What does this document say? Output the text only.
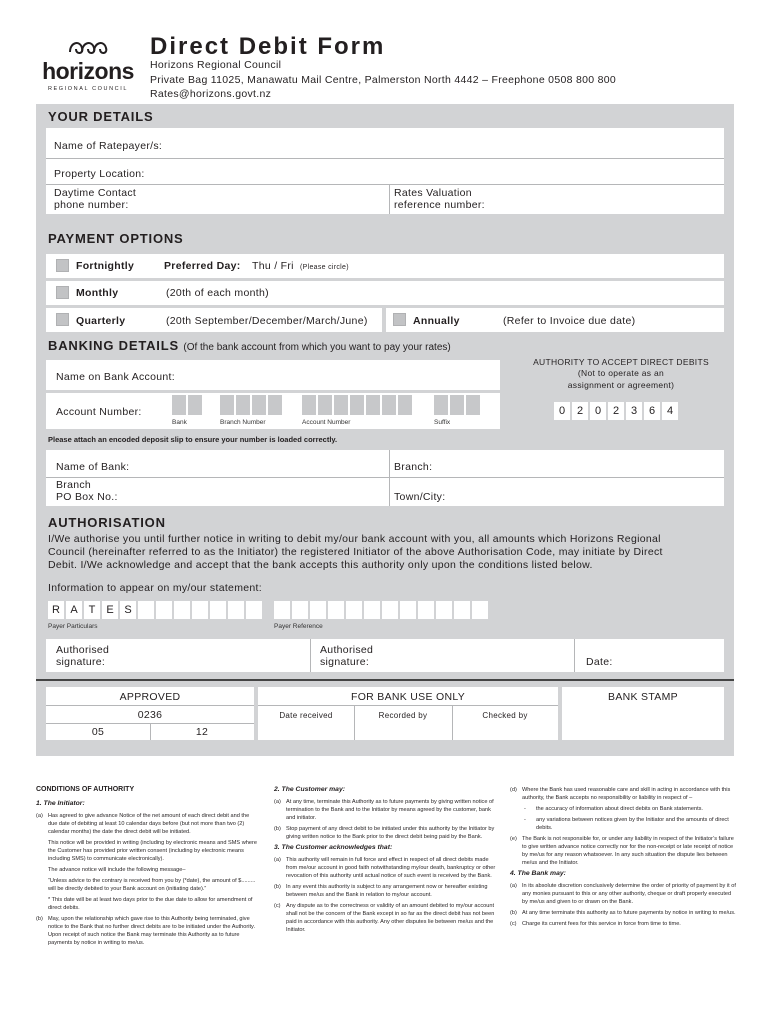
horizons
REGIONAL COUNCIL
Direct Debit Form
Horizons Regional Council
Private Bag 11025, Manawatu Mail Centre, Palmerston North 4442 – Freephone 0508 800 800
Rates@horizons.govt.nz
YOUR DETAILS
Name of Ratepayer/s:
Property Location:
Daytime Contact
phone number:
Rates Valuation
reference number:
PAYMENT OPTIONS
Fortnightly	Preferred Day: Thu / Fri (Please circle)
Monthly	(20th of each month)
Quarterly	(20th September/December/March/June)	Annually	(Refer to Invoice due date)
BANKING DETAILS (Of the bank account from which you want to pay your rates)
Name on Bank Account:
Account Number:
Bank	Branch Number	Account Number	Suffix
AUTHORITY TO ACCEPT DIRECT DEBITS
(Not to operate as an
assignment or agreement)
0	2	0	2	3	6	4
Please attach an encoded deposit slip to ensure your number is loaded correctly.
Name of Bank:	Branch:
Branch
PO Box No.:	Town/City:
AUTHORISATION
I/We authorise you until further notice in writing to debit my/our bank account with you, all amounts which Horizons Regional
Council (hereinafter referred to as the Initiator) the registered Initiator of the above Authorisation Code, may initiate by Direct
Debit. I/We acknowledge and accept that the bank accepts this authority only upon the conditions listed below.
Information to appear on my/our statement:
R A T E S
Payer Particulars	Payer Reference
Authorised
signature:
Authorised
signature:	Date:
APPROVED
0236
05	12
FOR BANK USE ONLY
Date received	Recorded by	Checked by
BANK STAMP
CONDITIONS OF AUTHORITY
1. The Initiator:
(a) Has agreed to give advance Notice of the net amount of each direct debit and the due date of debiting at least 10 calendar days before (but not more than two (2) calendar months) the date the direct debit will be initiated.
This notice will be provided in writing (including by electronic means and SMS where the Customer has provided prior written consent (including by electronic means including SMS) to communicate electronically).
The advance notice will include the following message–
“Unless advice to the contrary is received from you by (*date), the amount of $......... will be directly debited to your Bank account on (initiating date).”
* This date will be at least two days prior to the due date to allow for amendment of direct debits.
(b) May, upon the relationship which gave rise to this Authority being terminated, give notice to the Bank that no further direct debits are to be initiated under the Authority. Upon receipt of such notice the Bank may terminate this Authority as to future payments by notice in writing to me/us.
2. The Customer may:
(a) At any time, terminate this Authority as to future payments by giving written notice of termination to the Bank and to the Initiator by means agreed by the customer, bank and initiator.
(b) Stop payment of any direct debit to be initiated under this authority by the Initiator by giving written notice to the Bank prior to the direct debit being paid by the Bank.
3. The Customer acknowledges that:
(a) This authority will remain in full force and effect in respect of all direct debits made from me/our account in good faith notwithstanding my/our death, bankruptcy or other revocation of this authority until actual notice of such event is received by the Bank.
(b) In any event this authority is subject to any arrangement now or hereafter existing between me/us and the Bank in relation to my/our account.
(c) Any dispute as to the correctness or validity of an amount debited to my/our account shall not be the concern of the Bank except in so far as the direct debit has not been paid in accordance with this authority. Any other disputes lie between me/us and the Initiator.
(d) Where the Bank has used reasonable care and skill in acting in accordance with this authority, the Bank accepts no responsibility or liability in respect of –
-	the accuracy of information about direct debits on Bank statements.
-	any variations between notices given by the Initiator and the amounts of direct debits.
(e) The Bank is not responsible for, or under any liability in respect of the Initiator’s failure to give written advance notice correctly nor for the non-receipt or late receipt of notice by me/us for any reason whatsoever. In any such situation the dispute lies between me/us and the Initiator.
4. The Bank may:
(a) In its absolute discretion conclusively determine the order of priority of payment by it of any monies pursuant to this or any other authority, cheque or draft properly executed by me/us and given to or drawn on the Bank.
(b) At any time terminate this authority as to future payments by notice in writing to me/us.
(c) Charge its current fees for this service in force from time to time.
